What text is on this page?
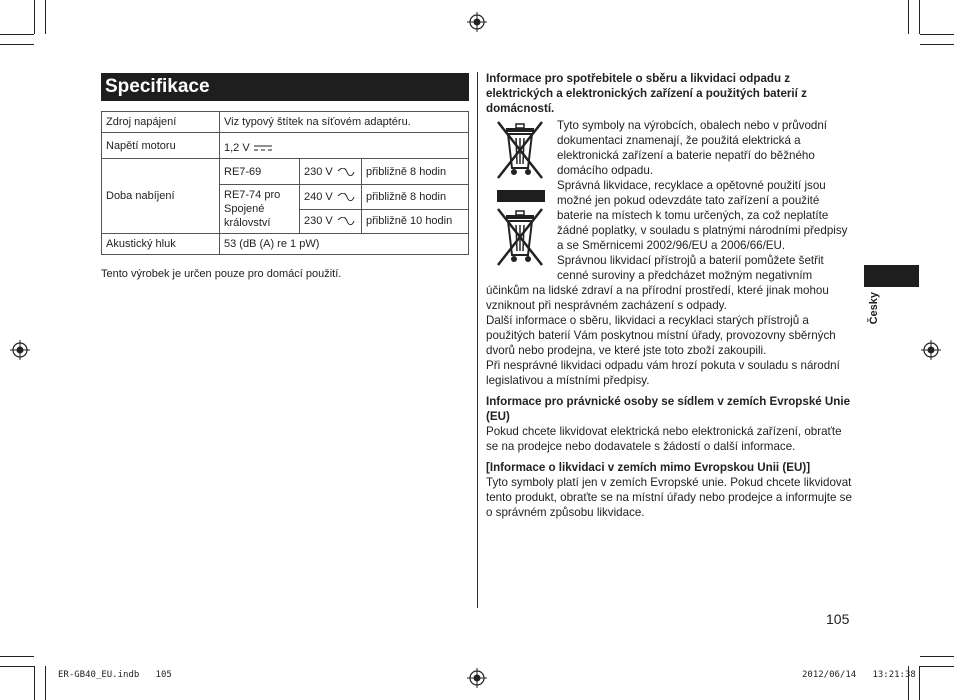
Specifikace
Zdroj napájení	Viz typový štítek na síťovém adaptéru.		
Napětí motoru	1,2 V		
Doba nabíjení	RE7-69	230 V	přibližně 8 hodin
	RE7-74 pro Spojené království	240 V	přibližně 8 hodin
		230 V	přibližně 10 hodin
Akustický hluk	53 (dB (A) re 1 pW)		
Tento výrobek je určen pouze pro domácí použití.

Informace pro spotřebitele o sběru a likvidaci odpadu z elektrických a elektronických zařízení a použitých baterií z domácností.

Tyto symboly na výrobcích, obalech nebo v průvodní dokumentaci znamenají, že použitá elektrická a elektronická zařízení a baterie nepatří do běžného domácího odpadu.

Správná likvidace, recyklace a opětovné použití jsou možné jen pokud odevzdáte tato zařízení a použité baterie na místech k tomu určených, za což neplatíte žádné poplatky, v souladu s platnými národními předpisy a se Směrnicemi 2002/96/EU a 2006/66/EU.

Správnou likvidací přístrojů a baterií pomůžete šetřit cenné suroviny a předcházet možným negativním

účinkům na lidské zdraví a na přírodní prostředí, které jinak mohou vzniknout při nesprávném zacházení s odpady.

Další informace o sběru, likvidaci a recyklaci starých přístrojů a použitých baterií Vám poskytnou místní úřady, provozovny sběrných dvorů nebo prodejna, ve které jste toto zboží zakoupili.

Při nesprávné likvidaci odpadu vám hrozí pokuta v souladu s národní legislativou a místními předpisy.

Informace pro právnické osoby se sídlem v zemích Evropské Unie (EU)

Pokud chcete likvidovat elektrická nebo elektronická zařízení, obraťte se na prodejce nebo dodavatele s žádostí o další informace.

[Informace o likvidaci v zemích mimo Evropskou Unii (EU)]

Tyto symboly platí jen v zemích Evropské unie. Pokud chcete likvidovat tento produkt, obraťte se na místní úřady nebo prodejce a informujte se o správném způsobu likvidace.

Česky
105
ER-GB40_EU.indb   105	2012/06/14   13:21:38
